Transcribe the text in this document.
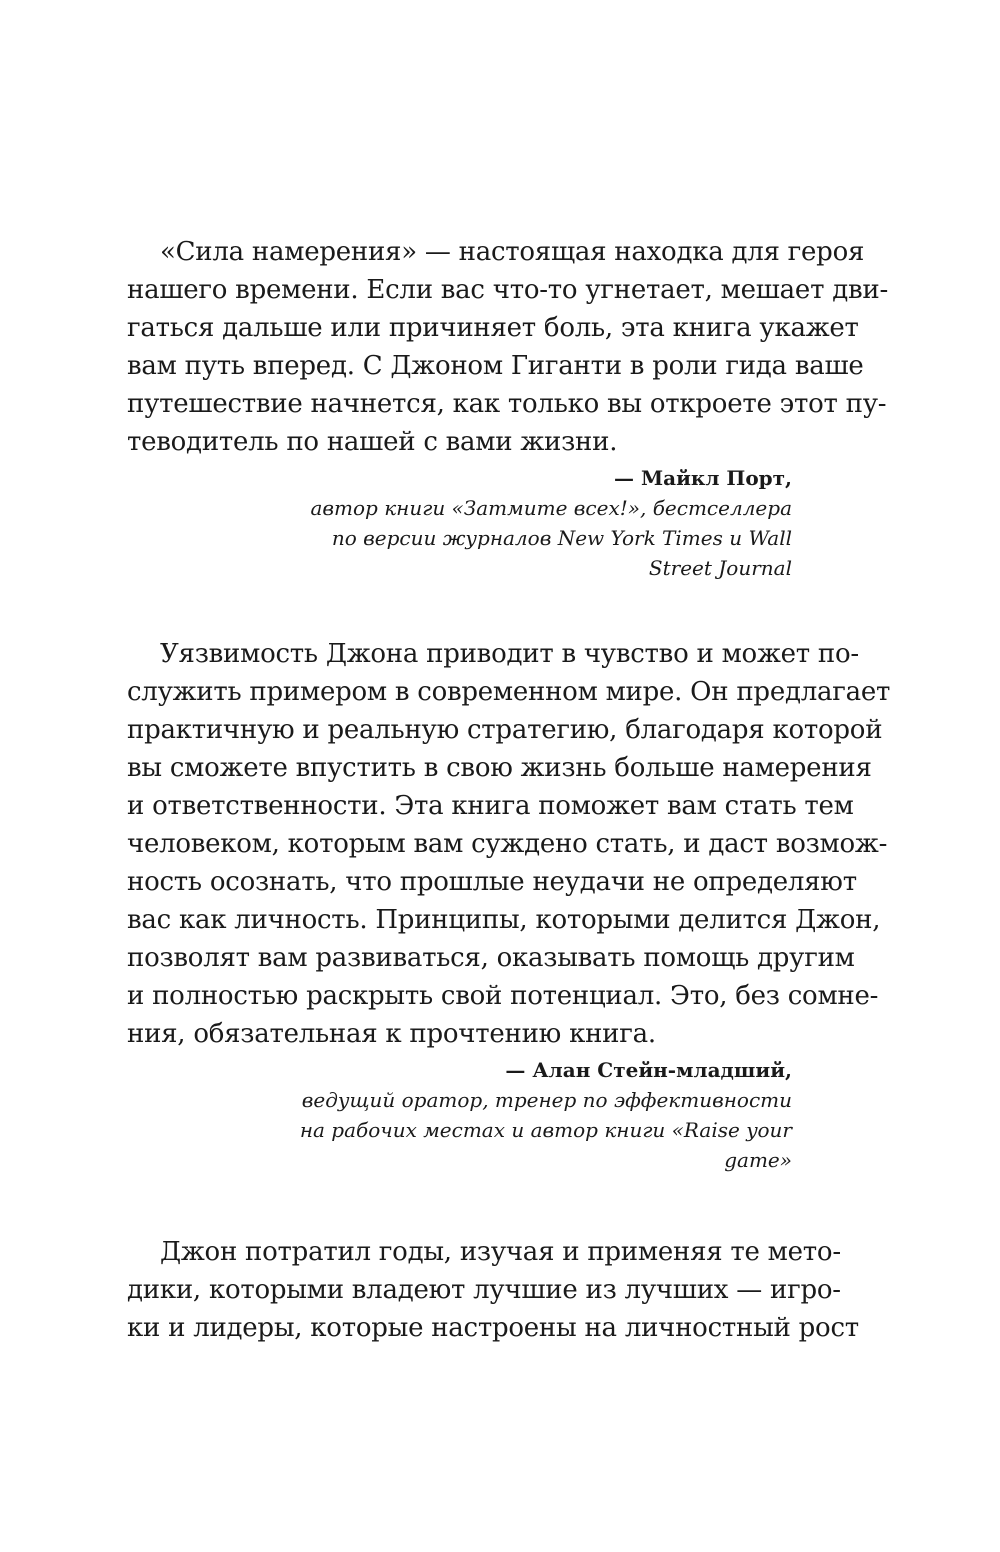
«Сила намерения» — настоящая находка для героя

нашего времени. Если вас что-то угнетает, мешает дви-

гаться дальше или причиняет боль, эта книга укажет

вам путь вперед. С Джоном Гиганти в роли гида ваше

путешествие начнется, как только вы откроете этот пу-

теводитель по нашей с вами жизни.

— Майкл Порт,
автор книги «Затмите всех!», бестселлера
по версии журналов New York Times и Wall
Street Journal

Уязвимость Джона приводит в чувство и может по-

служить примером в современном мире. Он предлагает

практичную и реальную стратегию, благодаря которой

вы сможете впустить в свою жизнь больше намерения

и ответственности. Эта книга поможет вам стать тем

человеком, которым вам суждено стать, и даст возмож-

ность осознать, что прошлые неудачи не определяют

вас как личность. Принципы, которыми делится Джон,

позволят вам развиваться, оказывать помощь другим

и полностью раскрыть свой потенциал. Это, без сомне-

ния, обязательная к прочтению книга.

— Алан Стейн-младший,
ведущий оратор, тренер по эффективности
на рабочих местах и автор книги «Raise your
game»

Джон потратил годы, изучая и применяя те мето-

дики, которыми владеют лучшие из лучших — игро-

ки и лидеры, которые настроены на личностный рост
